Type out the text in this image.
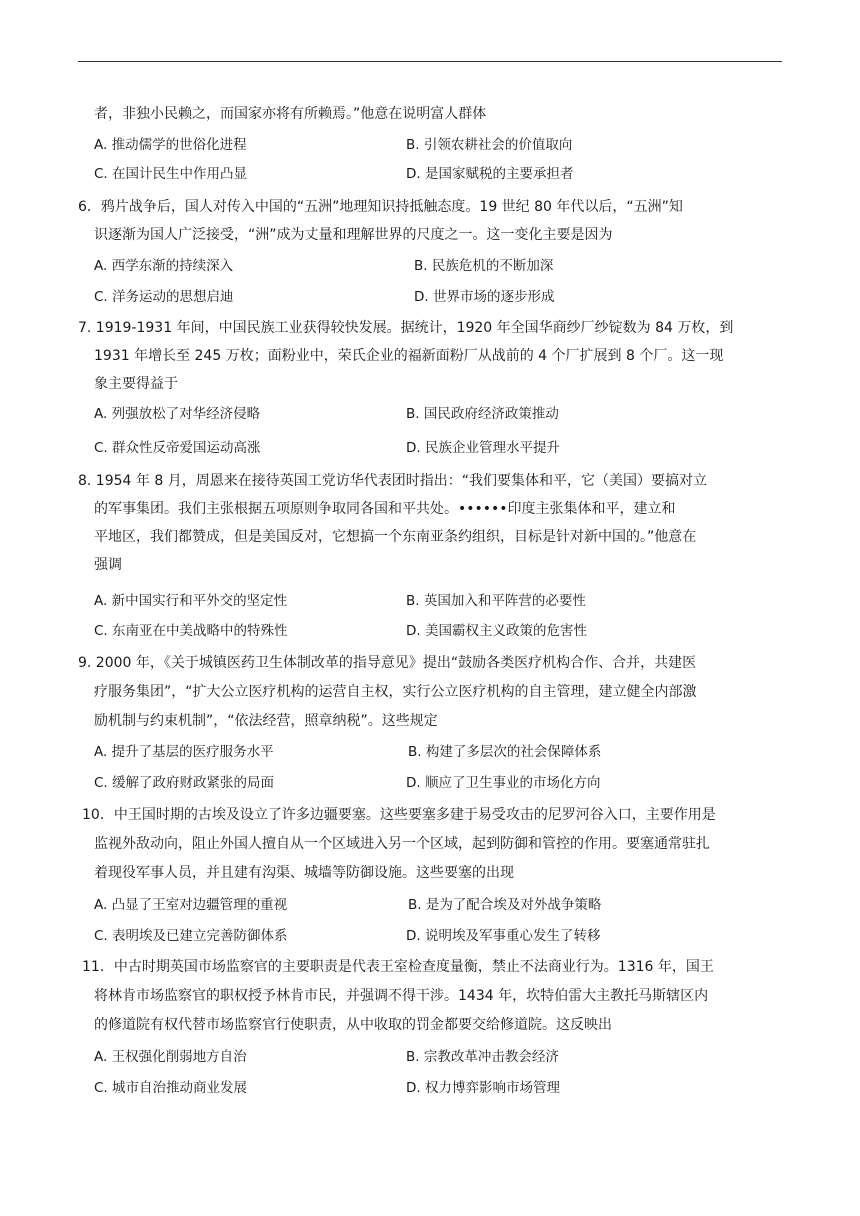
者，非独小民赖之，而国家亦将有所赖焉。”他意在说明富人群体
A. 推动儒学的世俗化进程	B. 引领农耕社会的价值取向
C. 在国计民生中作用凸显	D. 是国家赋税的主要承担者
6．鸦片战争后，国人对传入中国的“五洲”地理知识持抵触态度。19 世纪 80 年代以后，“五洲”知
识逐渐为国人广泛接受，“洲”成为丈量和理解世界的尺度之一。这一变化主要是因为
A. 西学东渐的持续深入	B. 民族危机的不断加深
C. 洋务运动的思想启迪	D. 世界市场的逐步形成
7. 1919-1931 年间，中国民族工业获得较快发展。据统计，1920 年全国华商纱厂纱锭数为 84 万枚，到
1931 年增长至 245 万枚；面粉业中，荣氏企业的福新面粉厂从战前的 4 个厂扩展到 8 个厂。这一现
象主要得益于
A. 列强放松了对华经济侵略	B. 国民政府经济政策推动
C. 群众性反帝爱国运动高涨	D. 民族企业管理水平提升
8. 1954 年 8 月，周恩来在接待英国工党访华代表团时指出：“我们要集体和平，它（美国）要搞对立
的军事集团。我们主张根据五项原则争取同各国和平共处。••••••印度主张集体和平，建立和
平地区，我们都赞成，但是美国反对，它想搞一个东南亚条约组织，目标是针对新中国的。”他意在
强调
A. 新中国实行和平外交的坚定性	B. 英国加入和平阵营的必要性
C. 东南亚在中美战略中的特殊性	D. 美国霸权主义政策的危害性
9. 2000 年，《关于城镇医药卫生体制改革的指导意见》提出“鼓励各类医疗机构合作、合并，共建医
疗服务集团”，“扩大公立医疗机构的运营自主权，实行公立医疗机构的自主管理，建立健全内部激
励机制与约束机制”，“依法经营，照章纳税”。这些规定
A. 提升了基层的医疗服务水平	B. 构建了多层次的社会保障体系
C. 缓解了政府财政紧张的局面	D. 顺应了卫生事业的市场化方向
10．中王国时期的古埃及设立了许多边疆要塞。这些要塞多建于易受攻击的尼罗河谷入口，主要作用是
监视外敌动向，阻止外国人擅自从一个区域进入另一个区域，起到防御和管控的作用。要塞通常驻扎
着现役军事人员，并且建有沟渠、城墙等防御设施。这些要塞的出现
A. 凸显了王室对边疆管理的重视	B. 是为了配合埃及对外战争策略
C. 表明埃及已建立完善防御体系	D. 说明埃及军事重心发生了转移
11．中古时期英国市场监察官的主要职责是代表王室检查度量衡，禁止不法商业行为。1316 年，国王
将林肯市场监察官的职权授予林肯市民，并强调不得干涉。1434 年，坎特伯雷大主教托马斯辖区内
的修道院有权代替市场监察官行使职责，从中收取的罚金都要交给修道院。这反映出
A. 王权强化削弱地方自治	B. 宗教改革冲击教会经济
C. 城市自治推动商业发展	D. 权力博弈影响市场管理
